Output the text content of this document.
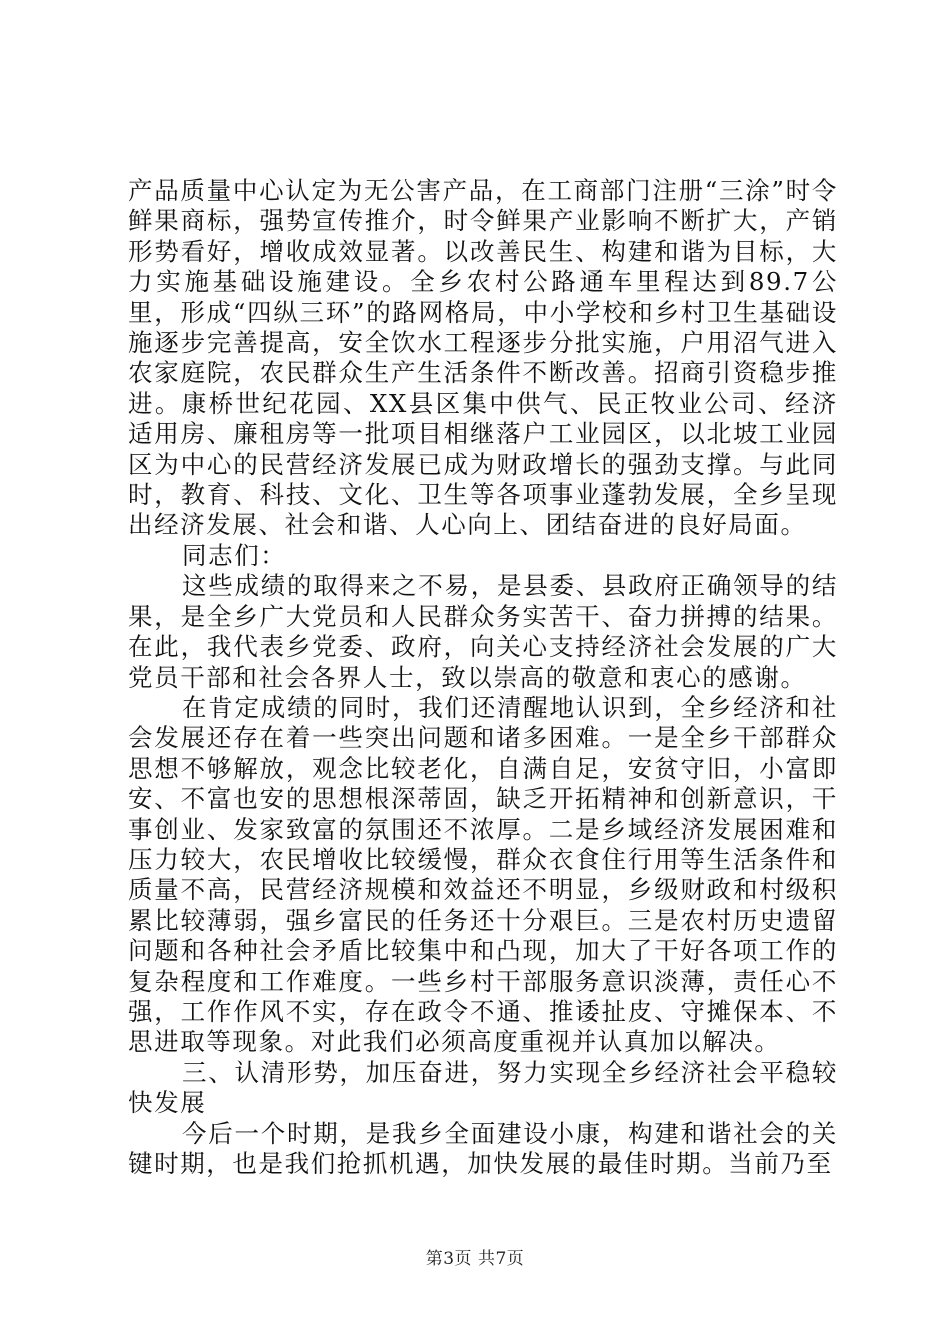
产品质量中心认定为无公害产品，在工商部门注册“三涂”时令鲜果商标，强势宣传推介，时令鲜果产业影响不断扩大，产销形势看好，增收成效显著。以改善民生、构建和谐为目标，大力实施基础设施建设。全乡农村公路通车里程达到89.7公里，形成“四纵三环”的路网格局，中小学校和乡村卫生基础设施逐步完善提高，安全饮水工程逐步分批实施，户用沼气进入农家庭院，农民群众生产生活条件不断改善。招商引资稳步推进。康桥世纪花园、XX县区集中供气、民正牧业公司、经济适用房、廉租房等一批项目相继落户工业园区，以北坡工业园区为中心的民营经济发展已成为财政增长的强劲支撑。与此同时，教育、科技、文化、卫生等各项事业蓬勃发展，全乡呈现出经济发展、社会和谐、人心向上、团结奋进的良好局面。

同志们：

这些成绩的取得来之不易，是县委、县政府正确领导的结果，是全乡广大党员和人民群众务实苦干、奋力拼搏的结果。在此，我代表乡党委、政府，向关心支持经济社会发展的广大党员干部和社会各界人士，致以崇高的敬意和衷心的感谢。

在肯定成绩的同时，我们还清醒地认识到，全乡经济和社会发展还存在着一些突出问题和诸多困难。一是全乡干部群众思想不够解放，观念比较老化，自满自足，安贫守旧，小富即安、不富也安的思想根深蒂固，缺乏开拓精神和创新意识，干事创业、发家致富的氛围还不浓厚。二是乡域经济发展困难和压力较大，农民增收比较缓慢，群众衣食住行用等生活条件和质量不高，民营经济规模和效益还不明显，乡级财政和村级积累比较薄弱，强乡富民的任务还十分艰巨。三是农村历史遗留问题和各种社会矛盾比较集中和凸现，加大了干好各项工作的复杂程度和工作难度。一些乡村干部服务意识淡薄，责任心不强，工作作风不实，存在政令不通、推诿扯皮、守摊保本、不思进取等现象。对此我们必须高度重视并认真加以解决。

三、认清形势，加压奋进，努力实现全乡经济社会平稳较快发展

今后一个时期，是我乡全面建设小康，构建和谐社会的关键时期，也是我们抢抓机遇，加快发展的最佳时期。当前乃至

第3页 共7页
